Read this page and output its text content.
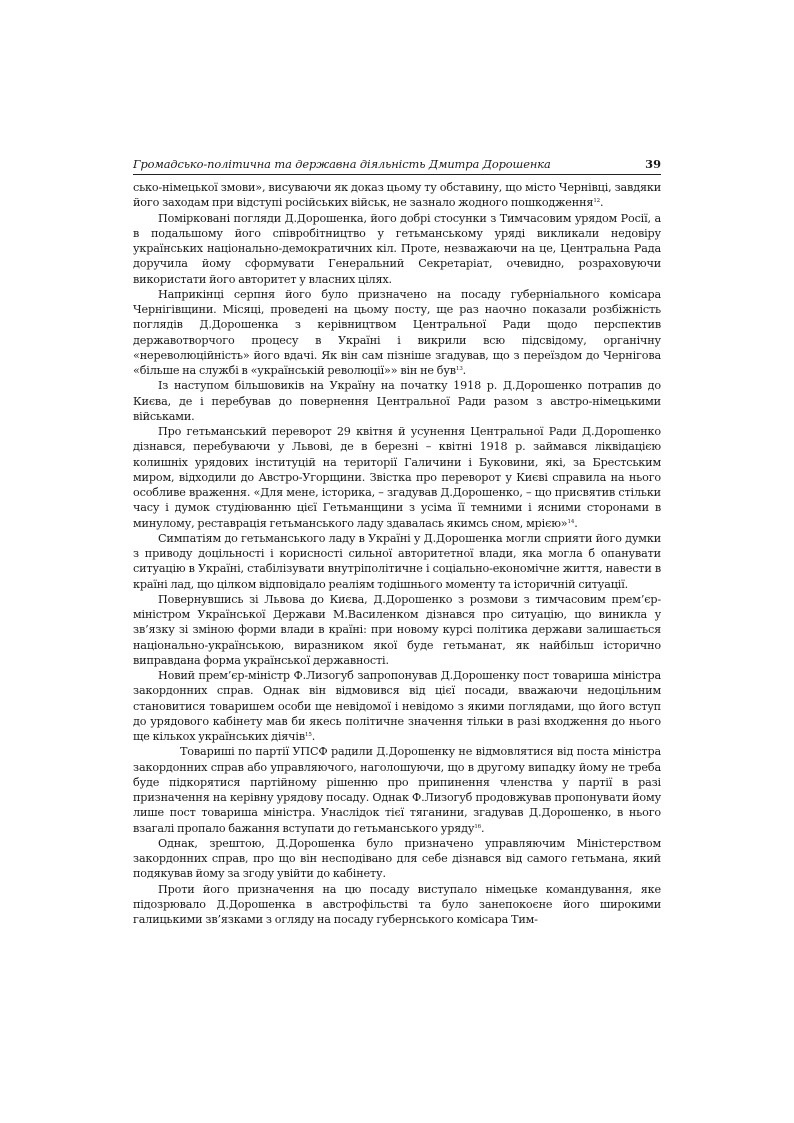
Громадсько-політична та державна діяльність Дмитра Дорошенка	39

сько-німецької змови», висуваючи як доказ цьому ту обставину, що місто Чернівці, завдяки його заходам при відступі російських військ, не зазнало жодного пошкодження$^{12}$.

Помірковані погляди Д.Дорошенка, його добрі стосунки з Тимчасовим урядом Росії, а в подальшому його співробітництво у гетьманському уряді викликали недовіру українських національно-демократичних кіл. Проте, незважаючи на це, Центральна Рада доручила йому сформувати Генеральний Секретаріат, очевидно, розраховуючи використати його авторитет у власних цілях.

Наприкінці серпня його було призначено на посаду губерніального комісара Чернігівщини. Місяці, проведені на цьому посту, ще раз наочно показали розбіжність поглядів Д.Дорошенка з керівництвом Центральної Ради щодо перспектив державотворчого процесу в Україні і викрили всю підсвідому, органічну «нереволюційність» його вдачі. Як він сам пізніше згадував, що з переїздом до Чернігова «більше на службі в «українській революції»» він не був$^{13}$.

Із наступом більшовиків на Україну на початку 1918 р. Д.Дорошенко потрапив до Києва, де і перебував до повернення Центральної Ради разом з австро-німецькими військами.

Про гетьманський переворот 29 квітня й усунення Центральної Ради Д.Дорошенко дізнався, перебуваючи у Львові, де в березні – квітні 1918 р. займався ліквідацією колишніх урядових інституцій на території Галичини і Буковини, які, за Брестським миром, відходили до Австро-Угорщини. Звістка про переворот у Києві справила на нього особливе враження. «Для мене, історика, – згадував Д.Дорошенко, – що присвятив стільки часу і думок студіюванню цієї Гетьманщини з усіма її темними і ясними сторонами в минулому, реставрація гетьманського ладу здавалась якимсь сном, мрією»$^{14}$.

Симпатіям до гетьманського ладу в Україні у Д.Дорошенка могли сприяти його думки з приводу доцільності і корисності сильної авторитетної влади, яка могла б опанувати ситуацію в Україні, стабілізувати внутріполітичне і соціально-економічне життя, навести в країні лад, що цілком відповідало реаліям тодішнього моменту та історичній ситуації.

Повернувшись зі Львова до Києва, Д.Дорошенко з розмови з тимчасовим прем’єр-міністром Української Держави М.Василенком дізнався про ситуацію, що виникла у зв’язку зі зміною форми влади в країні: при новому курсі політика держави залишається національно-українською, виразником якої буде гетьманат, як найбільш історично виправдана форма української державності.

Новий прем’єр-міністр Ф.Лизогуб запропонував Д.Дорошенку пост товариша міністра закордонних справ. Однак він відмовився від цієї посади, вважаючи недоцільним становитися товаришем особи ще невідомої і невідомо з якими поглядами, що його вступ до урядового кабінету мав би якесь політичне значення тільки в разі входження до нього ще кількох українських діячів$^{15}$.

Товариші по партії УПСФ радили Д.Дорошенку не відмовлятися від поста міністра закордонних справ або управляючого, наголошуючи, що в другому випадку йому не треба буде підкорятися партійному рішенню про припинення членства у партії в разі призначення на керівну урядову посаду. Однак Ф.Лизогуб продовжував пропонувати йому лише пост товариша міністра. Унаслідок тієї тяганини, згадував Д.Дорошенко, в нього взагалі пропало бажання вступати до гетьманського уряду$^{16}$.

Однак, зрештою, Д.Дорошенка було призначено управляючим Міністерством закордонних справ, про що він несподівано для себе дізнався від самого гетьмана, який подякував йому за згоду увійти до кабінету.

Проти його призначення на цю посаду виступало німецьке командування, яке підозрювало Д.Дорошенка в австрофільстві та було занепокоєне його широкими галицькими зв’язками з огляду на посаду губернського комісара Тим-
